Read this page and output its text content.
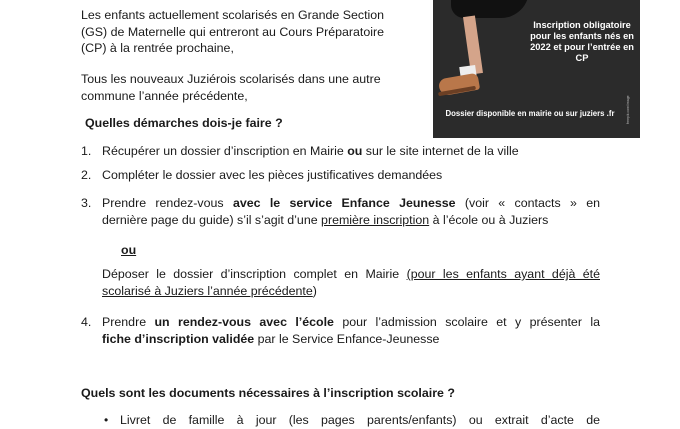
Les enfants actuellement scolarisés en Grande Section
(GS) de Maternelle qui entreront au Cours Préparatoire
(CP) à la rentrée prochaine,
Tous les nouveaux Juziérois scolarisés dans une autre
commune l’année précédente,
Inscription obligatoire pour les enfants nés en 2022 et pour l’entrée en CP
Dossier disponible en mairie ou sur juziers .fr	freepik.com/image
Quelles démarches dois-je faire ?
1. Récupérer un dossier d’inscription en Mairie ou sur le site internet de la ville
2. Compléter le dossier avec les pièces justificatives demandées
3. Prendre rendez-vous avec le service Enfance Jeunesse (voir « contacts » en
dernière page du guide) s’il s’agit d’une première inscription à l’école ou à Juziers
ou
Déposer le dossier d’inscription complet en Mairie (pour les enfants ayant déjà été
scolarisé à Juziers l’année précédente)
4. Prendre un rendez-vous avec l’école pour l’admission scolaire et y présenter la
fiche d’inscription validée par le Service Enfance-Jeunesse
Quels sont les documents nécessaires à l’inscription scolaire ?
• Livret de famille à jour (les pages parents/enfants) ou extrait d’acte de
